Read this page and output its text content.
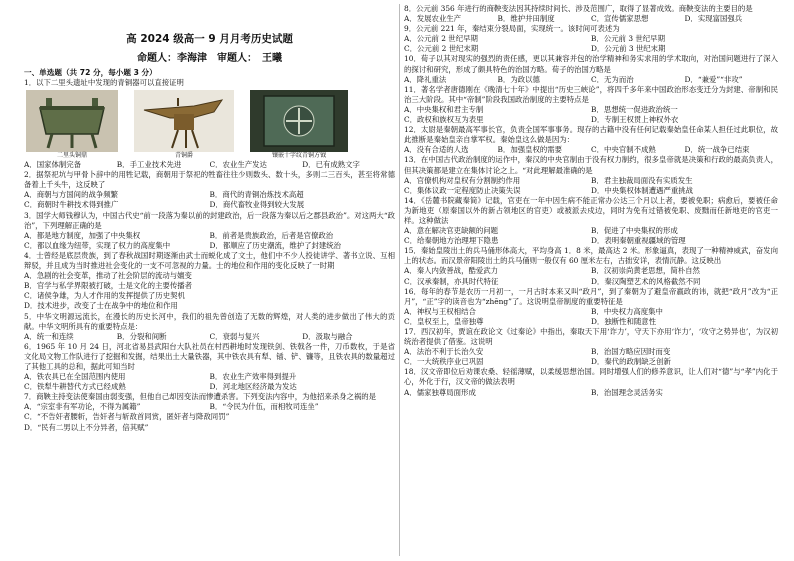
高 2024 级高一 9 月月考历史试题
命题人：李海津　审题人：　王曦
一、单选题（共 72 分，每小题 3 分）

1．以下二里头遗址中发现的青铜器可以直接证明

二里头铜鼎	青铜爵	镶嵌十字纹青铜方钺
A．国家体制完备	B．手工业技术先进	C．农业生产发达	D．已有成熟文字

2．据祭祀坑与甲骨卜辞中的用牲记载，商朝用于祭祀的牲畜往往少则数头、数十头，多则二三百头，甚至将常德备着上千头牛，这反映了

A．商朝与方国间的战争频繁	B．商代的青铜冶炼技术高超
C．商朝时牛耕技术得到推广	D．商代畜牧业得到较大发展

3．国学大师钱穆认为，中国古代史“前一段落为秦以前的封建政治，后一段落为秦以后之郡县政治”。对这两大“政治”，下列理解正确的是

A．都是地方制度，加强了中央集权	B．前者是贵族政治，后者是官僚政治
C．都以血缘为纽带，实现了权力的高度集中	D．都顺应了历史潮流，维护了封建统治

4．士曾经是底层贵族，到了春秋战国时期逐渐由武士而蜕化成了文士，他们中不少人投徒讲学、著书立说、互相辩驳，并且成为当时推进社会变化的一支不可忽视的力量。士的地位和作用的变化反映了一时期

A．急剧的社会变革，推动了社会阶层的流动与嬗变

B．官学与私学界限被打破，士是文化的主要传播者

C．诸侯争雄，为人才作用的发挥提供了历史契机

D．技术进步，改变了士在战争中的地位和作用

5．中华文明源远流长，在漫长的历史长河中，我们的祖先曾创造了无数的辉煌，对人类的进步做出了伟大的贡献。中华文明所具有的重要特点是：

A．统一和连续	B．分裂和间断	C．衰弱与复兴	D．汲取与融合

6．1965 年 10 月 24 日，河北省易县武阳台大队社员在村西耕地时发现铁剑、铁戟各一件，刀币数枚，于是省文化局文物工作队进行了挖掘和发掘，结果出土大量铁器，其中铁农具有犁、锸、铲、镰等，且铁农具的数量超过了其他工具的总和，据此可知当时

A．铁农具已在全国范围内使用	B．农业生产效率得到提升
C．铁犁牛耕替代方式已经成熟	D．河北地区经济最为发达

7．商鞅主持变法使秦国由弱变强，但他自己却因变法而惨遭杀害。下列变法内容中，为他招来杀身之祸的是

A．“宗室非有军功论，不得为属籍”	B．“令民为什伍，而相牧司连坐”

C．“不告奸者腰斩，告奸者与斩敌首同赏，匿奸者与降敌同罚”

D．“民有二男以上不分异者，倍其赋”

8．公元前 356 年进行的商鞅变法因其持续时间长、涉及范围广，取得了显著成效。商鞅变法的主要目的是

A．发展农业生产	B．维护井田制度	C．宣传儒家思想	D．实现富国强兵

9．公元前 221 年，秦结束分裂局面，实现统一。该时间可表述为

A．公元前 2 世纪早期	B．公元前 3 世纪早期
C．公元前 2 世纪末期	D．公元前 3 世纪末期

10．荀子以其对现实的强烈的责任感，更以其兼容并包的治学精神和务实求用的学术取向，对治国问题进行了深入的探讨和研究，形成了颇具特色的治国方略。荀子的治国方略是

A．降礼重法	B．为政以德	C．无为而治	D．“兼爱”“非攻”

11．著名学者唐德刚在《晚清七十年》中提出“历史三峡论”，将四千多年来中国政治形态变迁分为封建、帝制和民治三大阶段。其中“帝制”阶段我国政治制度的主要特点是

A．中央集权和君主专制	B．思想统一促进政治统一
C．政权和族权互为表里	D．专制王权贯上神权外衣

12．太尉是秦朝最高军事长官，负责全国军事事务。现存的古籍中没有任何记载秦始皇任命某人担任过此职位，故此推断是秦始皇亲自掌军权。秦始皇这么做是因为：

A．没有合适的人选	B．加强皇权的需要	C．中央官制不成熟	D．统一战争已结束

13．在中国古代政治制度的运作中，秦汉的中央官制由于没有权力制约，很多皇帝就是决策和行政的最高负责人，但其决策都是建立在集体讨论之上。“对此理解最准确的是

A．官僚机构对皇权有分割制约作用	B．君主独裁局面没有实质发生
C．集体议政一定程度防止决策失误	D．中央集权体制遭遇严重挑战

14．《岳麓书院藏秦简》记载，官吏在一年中因生病不能正常办公达三个月以上者，要被免职；病愈后，要被任命为新地吏（原秦国以外的新占领地区的官吏）或被派去戍边，同时为免有过错被免职、废黜而任新地吏的官吏一样。这种做法

A．意在解决官吏缺额的问题	B．促进了中央集权的形成
C．给秦朝地方治理埋下隐患	D．表明秦朝重视疆域的管理

15．秦始皇陵出土的兵马俑形体高大，平均身高 1．8 米，最高达 2 米。形象逼真，表现了一种精神威武，奋发向上的状态。而汉景帝阳陵出土的兵马俑则一般仅有 60 厘米左右，古拙安详，表情沉静。这反映出

A．秦人内敛善战，酷爱武力	B．汉初崇尚黄老思想，简朴自然
C．汉承秦制，亦具时代特征	D．秦汉陶塑艺术的风格截然不同

16．每年的春节是农历一月初一，一月古时本来又叫“政月”，到了秦朝为了避皇帝嬴政的讳，就把“政月”改为“正月”，“正”字的读音也为“zhēng”了。这说明皇帝制度的重要特征是

A．神权与王权相结合	B．中央权力高度集中
C．皇权至上，皇帝独尊	D．独断性和随意性

17．西汉初年，贾谊在政论文《过秦论》中指出，秦取天下用‘诈力’，守天下亦用‘诈力’，‘攻守之势异也’，为汉初统治者提供了借鉴。这说明

A．法治不利于长治久安	B．治国方略应因时而变
C．一大统秩序业已巩固	D．秦代的政制缺乏创新

18．汉文帝即位后劝课农桑、轻徭薄赋，以柔缓思想治国。同时增强人们的修养意识，让人们对“德”与“孝”内化于心，外化于行，汉文帝的做法表明

A．儒家独尊局面形成	B．治国理念灵活务实
